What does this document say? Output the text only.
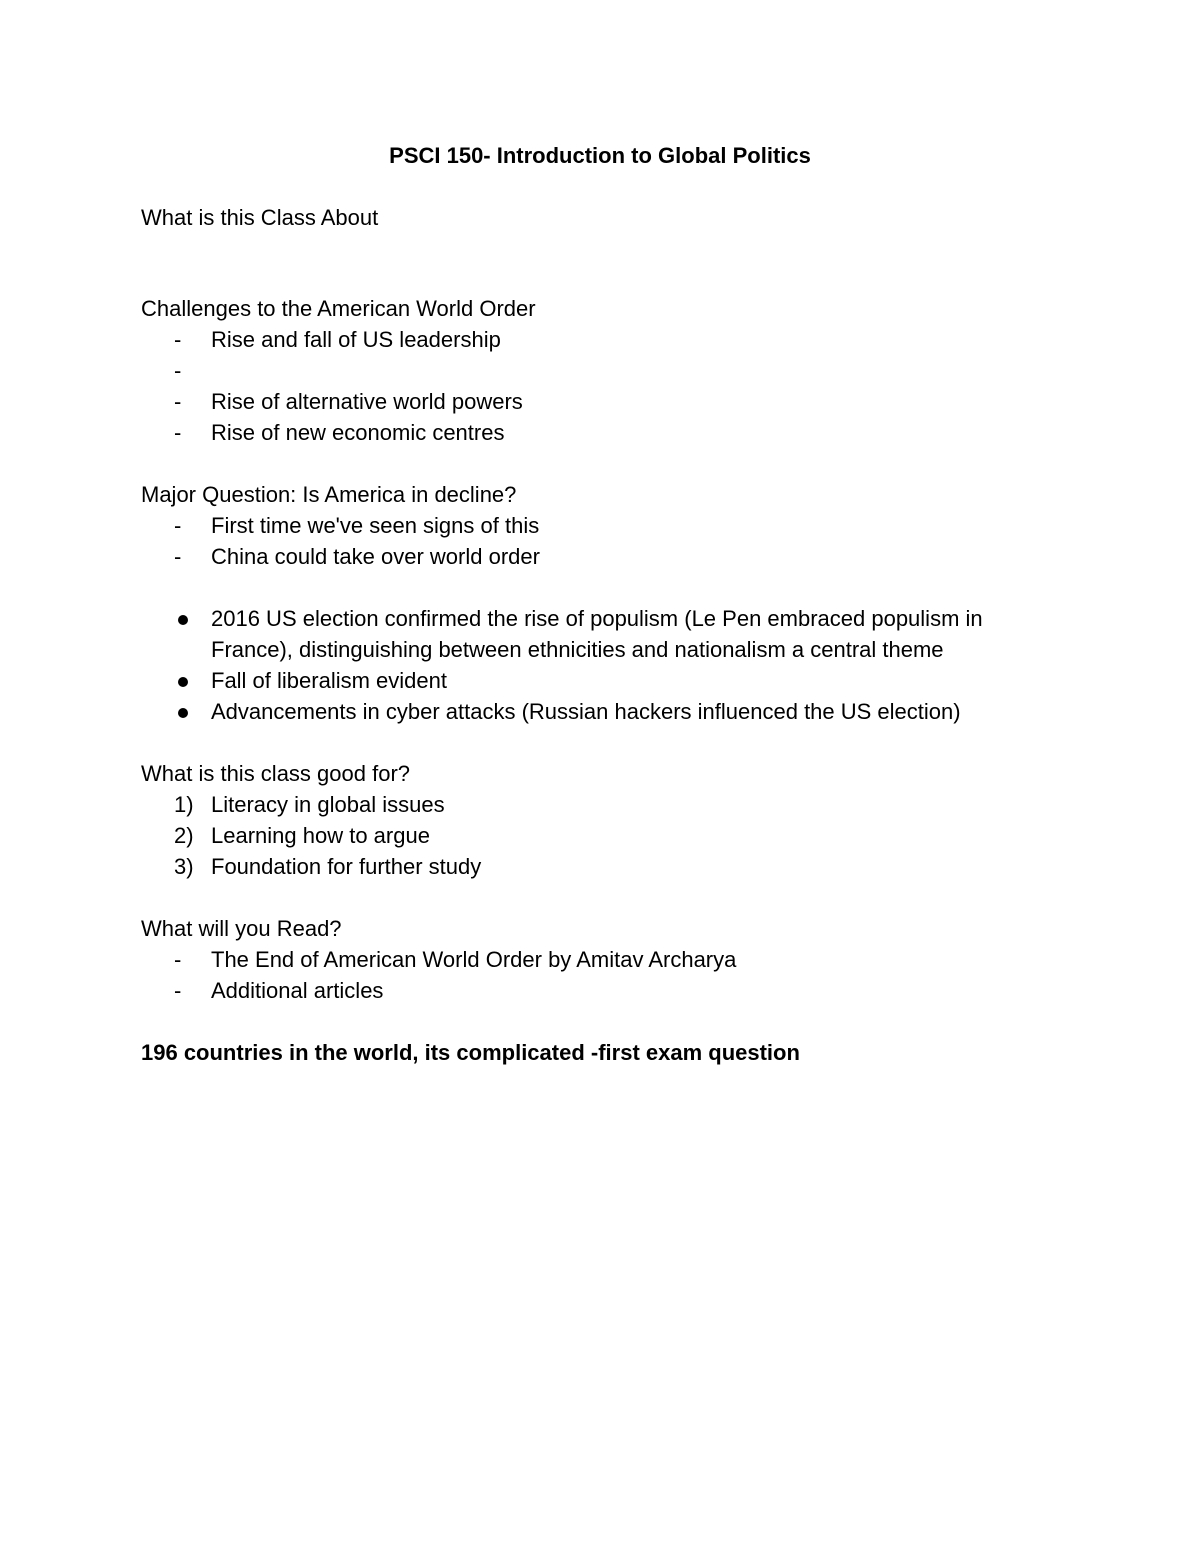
PSCI 150- Introduction to Global Politics
What is this Class About
Challenges to the American World Order
-	Rise and fall of US leadership
-
-	Rise of alternative world powers
-	Rise of new economic centres
Major Question: Is America in decline?
-	First time we've seen signs of this
-	China could take over world order
2016 US election confirmed the rise of populism (Le Pen embraced populism in
France), distinguishing between ethnicities and nationalism a central theme
Fall of liberalism evident
Advancements in cyber attacks (Russian hackers influenced the US election)
What is this class good for?
1) Literacy in global issues
2) Learning how to argue
3) Foundation for further study
What will you Read?
-	The End of American World Order by Amitav Archarya
-	Additional articles
196 countries in the world, its complicated -first exam question
